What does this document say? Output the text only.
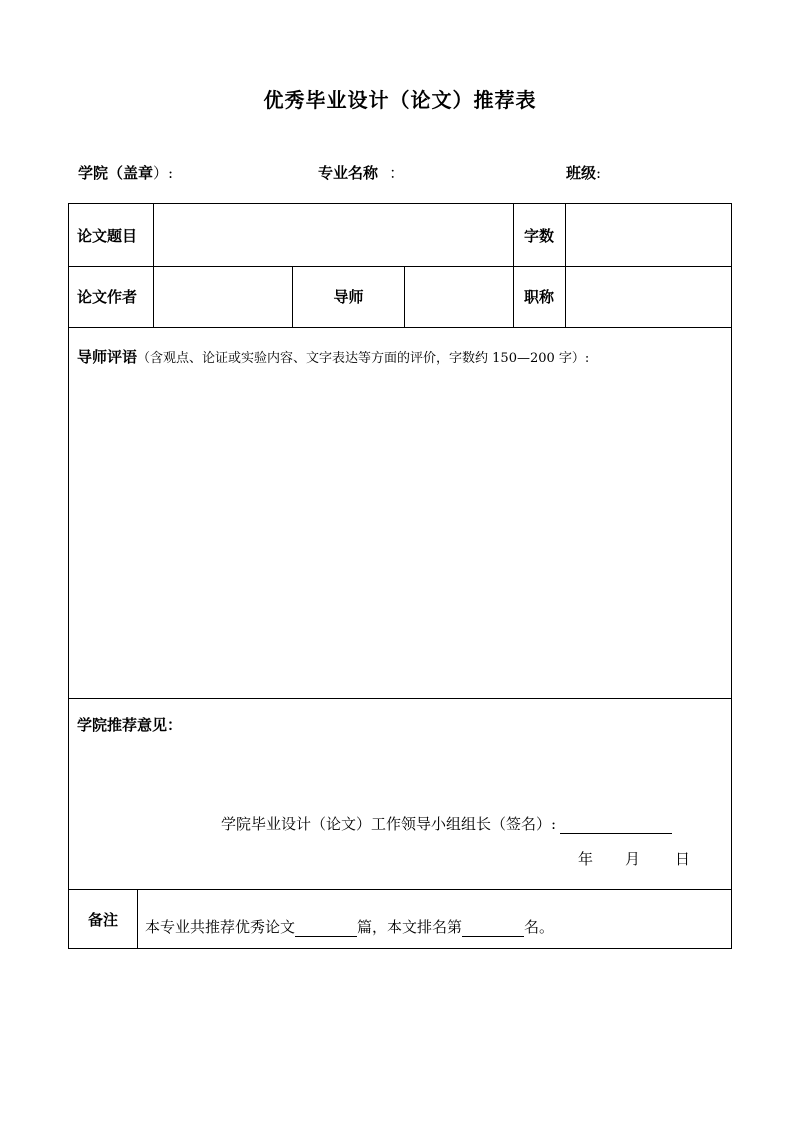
优秀毕业设计（论文）推荐表
学院（盖章）:	专业名称 ：	班级:
论文题目	字数
论文作者	导师	职称
导师评语（含观点、论证或实验内容、文字表达等方面的评价，字数约 150—200 字）:
学院推荐意见：
学院毕业设计（论文）工作领导小组组长（签名）:
年 月 日
备注	本专业共推荐优秀论文	篇，本文排名第	名。
